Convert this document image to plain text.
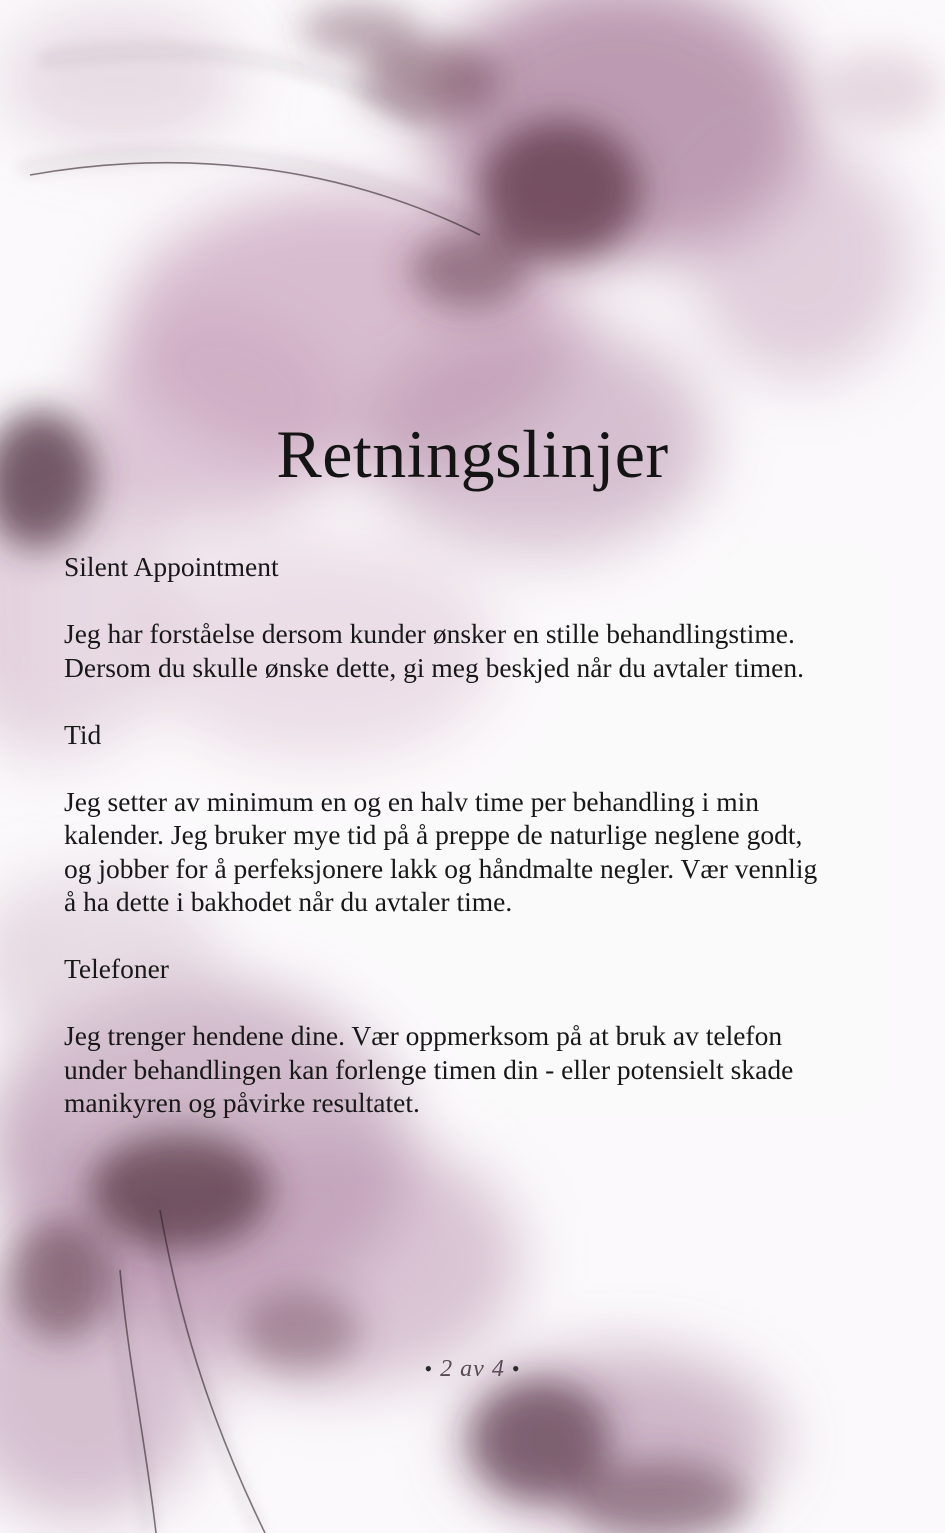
Retningslinjer

Silent Appointment

Jeg har forståelse dersom kunder ønsker en stille behandlingstime.

Dersom du skulle ønske dette, gi meg beskjed når du avtaler timen.

Tid

Jeg setter av minimum en og en halv time per behandling i min

kalender. Jeg bruker mye tid på å preppe de naturlige neglene godt,

og jobber for å perfeksjonere lakk og håndmalte negler. Vær vennlig

å ha dette i bakhodet når du avtaler time.

Telefoner

Jeg trenger hendene dine. Vær oppmerksom på at bruk av telefon

under behandlingen kan forlenge timen din - eller potensielt skade

manikyren og påvirke resultatet.

• 2 av 4 •
